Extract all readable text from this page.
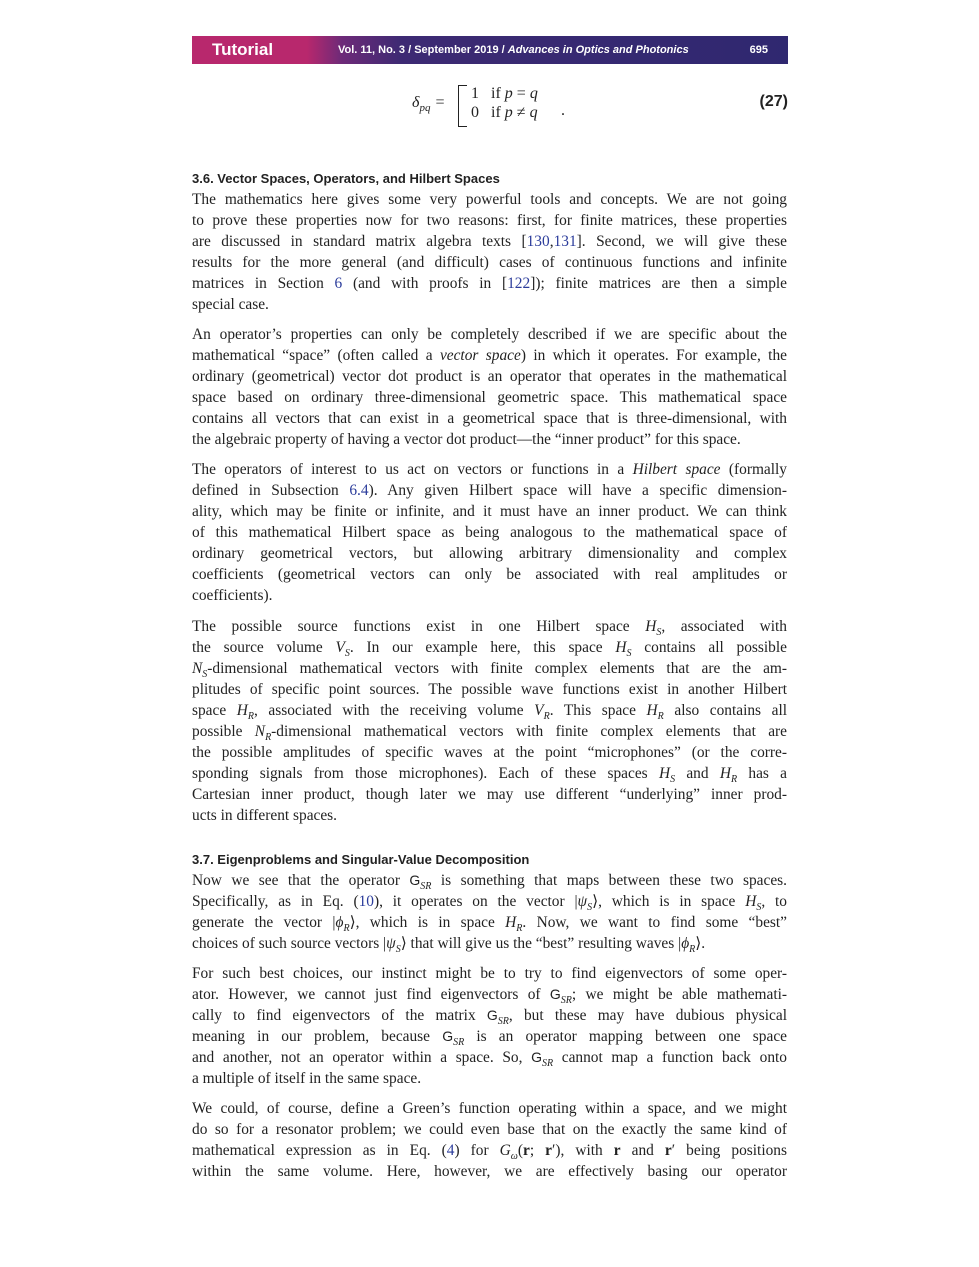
Tutorial	Vol. 11, No. 3 / September 2019 / Advances in Optics and Photonics	695
$\delta_{pq}$ =
1   if p = q
0   if p ≠ q .
(27)
3.6. Vector Spaces, Operators, and Hilbert Spaces
The mathematics here gives some very powerful tools and concepts. We are not going
to prove these properties now for two reasons: first, for finite matrices, these properties
are discussed in standard matrix algebra texts [130,131]. Second, we will give these
results for the more general (and difficult) cases of continuous functions and infinite
matrices in Section 6 (and with proofs in [122]); finite matrices are then a simple
special case.
An operator’s properties can only be completely described if we are specific about the
mathematical “space” (often called a vector space) in which it operates. For example, the
ordinary (geometrical) vector dot product is an operator that operates in the mathematical
space based on ordinary three-dimensional geometric space. This mathematical space
contains all vectors that can exist in a geometrical space that is three-dimensional, with
the algebraic property of having a vector dot product—the “inner product” for this space.
The operators of interest to us act on vectors or functions in a Hilbert space (formally
defined in Subsection 6.4). Any given Hilbert space will have a specific dimension-
ality, which may be finite or infinite, and it must have an inner product. We can think
of this mathematical Hilbert space as being analogous to the mathematical space of
ordinary geometrical vectors, but allowing arbitrary dimensionality and complex
coefficients (geometrical vectors can only be associated with real amplitudes or
coefficients).
The possible source functions exist in one Hilbert space $H_S$, associated with
the source volume $V_S$. In our example here, this space $H_S$ contains all possible
$N_S$-dimensional mathematical vectors with finite complex elements that are the am-
plitudes of specific point sources. The possible wave functions exist in another Hilbert
space $H_R$, associated with the receiving volume $V_R$. This space $H_R$ also contains all
possible $N_R$-dimensional mathematical vectors with finite complex elements that are
the possible amplitudes of specific waves at the point “microphones” (or the corre-
sponding signals from those microphones). Each of these spaces $H_S$ and $H_R$ has a
Cartesian inner product, though later we may use different “underlying” inner prod-
ucts in different spaces.
3.7. Eigenproblems and Singular-Value Decomposition
Now we see that the operator $G_{SR}$ is something that maps between these two spaces.
Specifically, as in Eq. (10), it operates on the vector $|\psi_S⟩$, which is in space $H_S$, to
generate the vector $|\phi_R⟩$, which is in space $H_R$. Now, we want to find some “best”
choices of such source vectors $|\psi_S⟩$ that will give us the “best” resulting waves $|\phi_R⟩$.
For such best choices, our instinct might be to try to find eigenvectors of some oper-
ator. However, we cannot just find eigenvectors of $G_{SR}$; we might be able mathemati-
cally to find eigenvectors of the matrix $G_{SR}$, but these may have dubious physical
meaning in our problem, because $G_{SR}$ is an operator mapping between one space
and another, not an operator within a space. So, $G_{SR}$ cannot map a function back onto
a multiple of itself in the same space.
We could, of course, define a Green’s function operating within a space, and we might
do so for a resonator problem; we could even base that on the exactly the same kind of
mathematical expression as in Eq. (4) for $G_\omega(r$; r′), with r and r′ being positions
within the same volume. Here, however, we are effectively basing our operator
